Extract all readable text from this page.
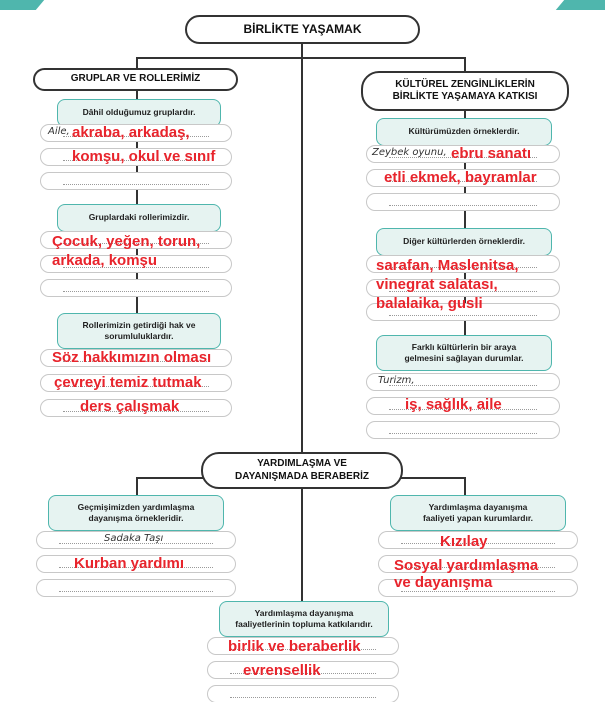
BİRLİKTE YAŞAMAK
GRUPLAR VE ROLLERİMİZ
Dâhil olduğumuz gruplardır.
Aile, akraba, arkadaş,
komşu, okul ve sınıf
Gruplardaki rollerimizdir.
Çocuk, yeğen, torun,
arkada, komşu
Rollerimizin getirdiği hak ve
sorumluluklardır.
Söz hakkımızın olması
çevreyi temiz tutmak
ders çalışmak
KÜLTÜREL ZENGİNLİKLERİN
BİRLİKTE YAŞAMAYA KATKISI
Kültürümüzden örneklerdir.
Zeybek oyunu, ebru sanatı
etli ekmek, bayramlar
Diğer kültürlerden örneklerdir.
sarafan, Maslenitsa,
vinegrat salatası,
balalaika, gusli
Farklı kültürlerin bir araya
gelmesini sağlayan durumlar.
Turizm,
iş, sağlık, aile
YARDIMLAŞMA VE
DAYANIŞMADA BERABERİZ
Geçmişimizden yardımlaşma
dayanışma örnekleridir.
Sadaka Taşı
Kurban yardımı
Yardımlaşma dayanışma
faaliyeti yapan kurumlardır.
Kızılay
Sosyal yardımlaşma
ve dayanışma
Yardımlaşma dayanışma
faaliyetlerinin topluma katkılarıdır.
birlik ve beraberlik
evrensellik
